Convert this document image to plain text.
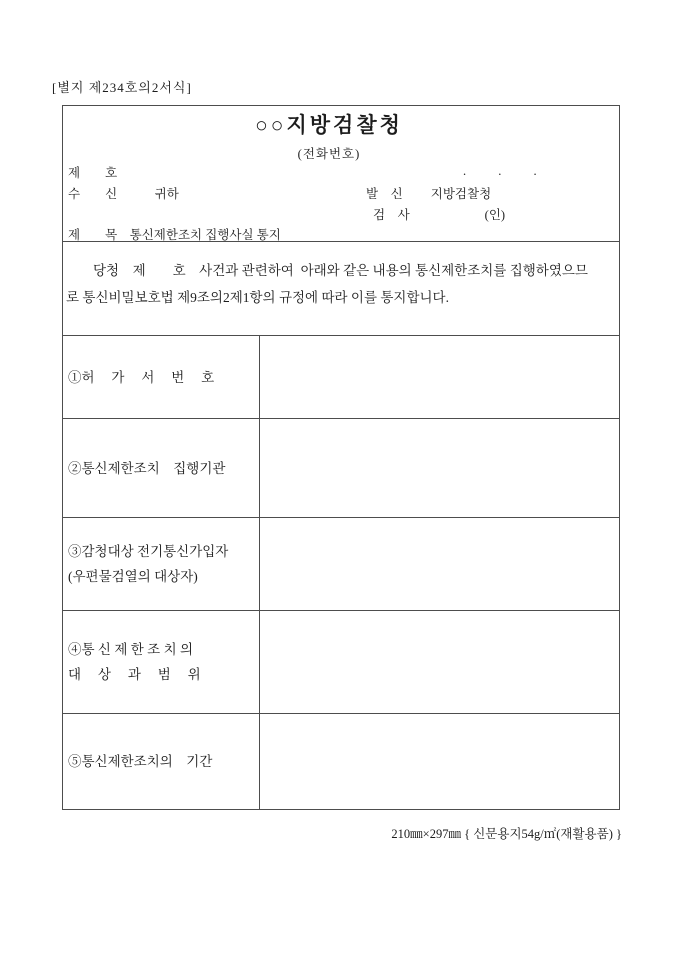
[별지 제234호의2서식]
○○지방검찰청
(전화번호)
제　　호	.　　 .　　 .
수　　신　　　귀하	발　신　　 지방검찰청
검　사　　　　　　(인)
제　　목　통신제한조치 집행사실 통지
　　당청　제　　호　사건과 관련하여  아래와 같은 내용의 통신제한조치를 집행하였으므
로 통신비밀보호법 제9조의2제1항의 규정에 따라 이를 통지합니다.
①허　 가　 서　 번　 호
②통신제한조치　집행기관
③감청대상 전기통신가입자
(우편물검열의 대상자)
④통 신 제 한 조 치 의
대　 상　 과　 범　 위
⑤통신제한조치의　기간
210㎜×297㎜ { 신문용지54g/㎡(재활용품) }
